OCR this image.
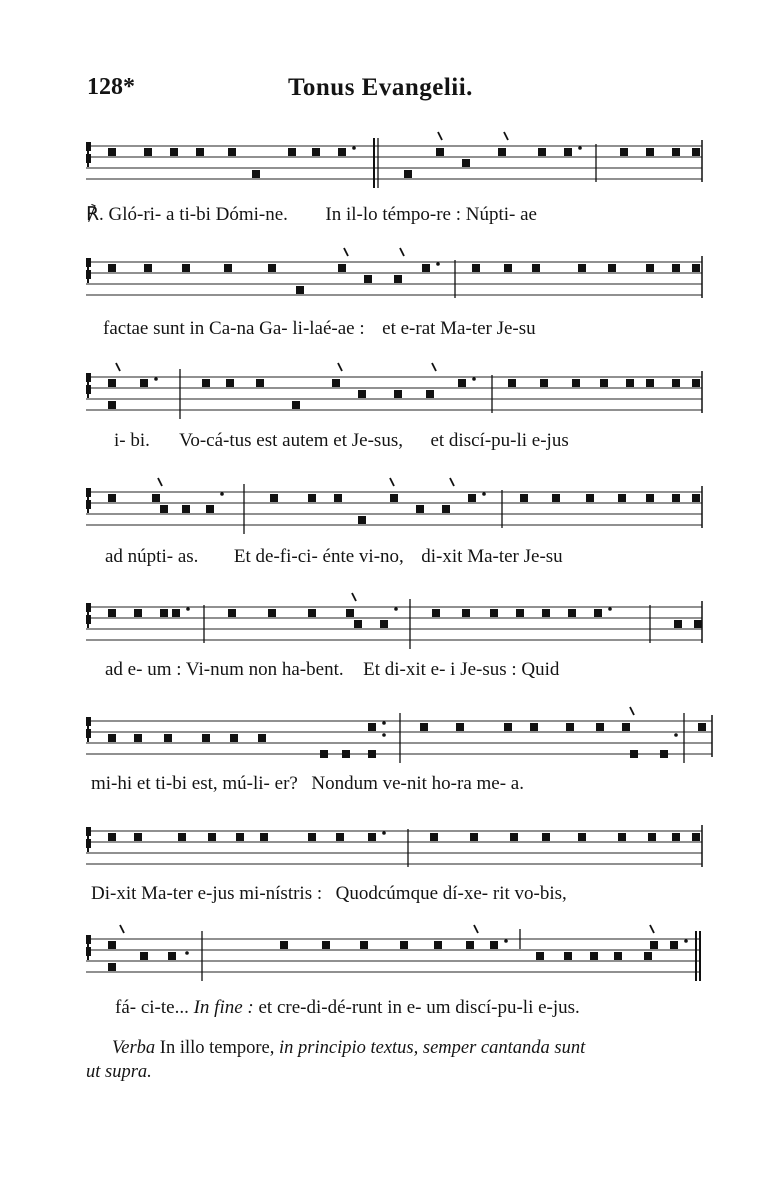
128*	Tonus Evangelii.
℟. Gló-ri- a ti-bi Dómi-ne. In il-lo témpo-re : Núpti- ae
factae sunt in Ca-na Ga- li-laé-ae : et e-rat Ma-ter Je-su
i- bi. Vo-cá-tus est autem et Je-sus, et discí-pu-li e-jus
ad núpti- as. Et de-fi-ci- énte vi-no, di-xit Ma-ter Je-su
ad e- um : Vi-num non ha-bent. Et di-xit e- i Je-sus : Quid
mi-hi et ti-bi est, mú-li- er? Nondum ve-nit ho-ra me- a.
Di-xit Ma-ter e-jus mi-nístris : Quodcúmque dí-xe- rit vo-bis,
fá- ci-te... In fine : et cre-di-dé-runt in e- um discí-pu-li e-jus.
Verba In illo tempore, in principio textus, semper cantanda sunt
ut supra.
